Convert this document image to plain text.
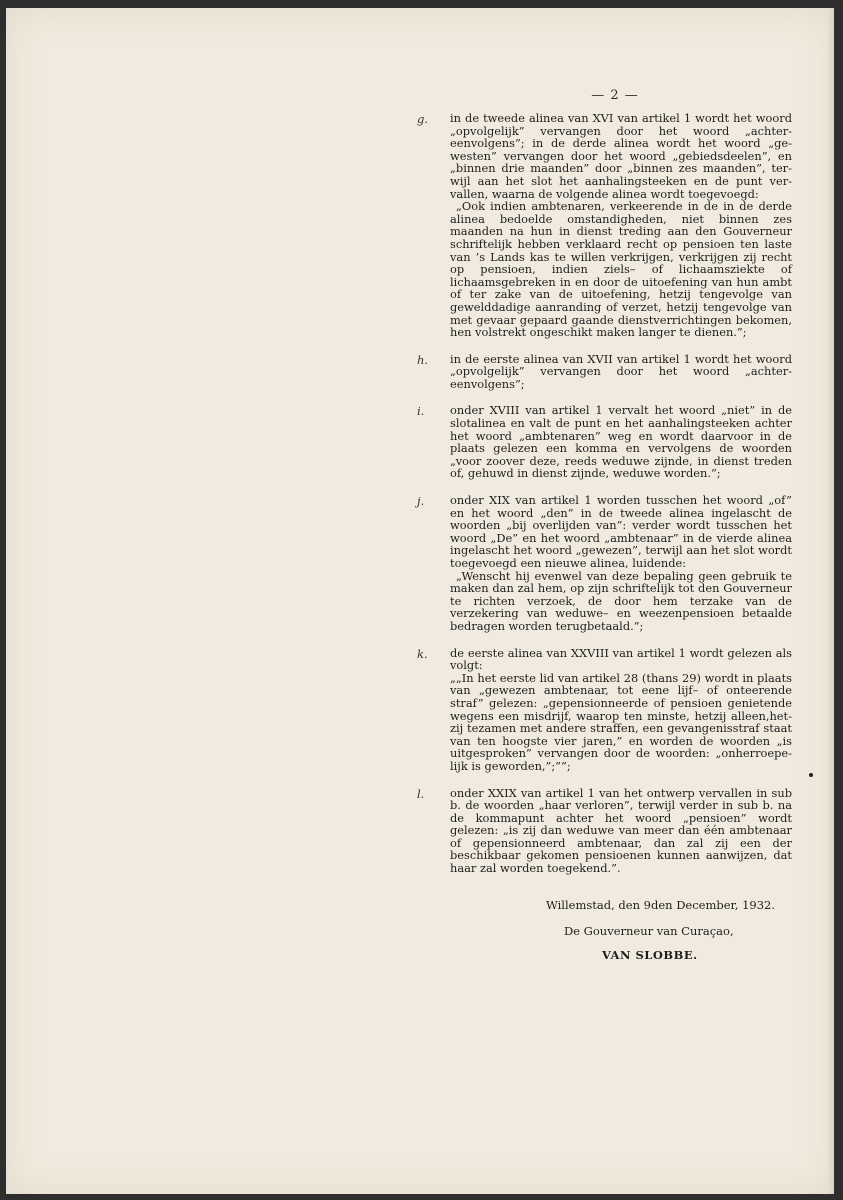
— 2 —
g. in de tweede alinea van XVI van artikel 1 wordt het woord „opvolgelijk” vervangen door het woord „achtereenvolgens”; in de derde alinea wordt het woord „gewesten” vervangen door het woord „gebiedsdeelen”, en „binnen drie maanden” door „binnen zes maanden”, terwijl aan het slot het aanhalingsteeken en de punt vervallen, waarna de volgende alinea wordt toegevoegd:

„Ook indien ambtenaren, verkeerende in de in de derde alinea bedoelde omstandigheden, niet binnen zes maanden na hun in dienst treding aan den Gouverneur schriftelijk hebben verklaard recht op pensioen ten laste van ’s Lands kas te willen verkrijgen, verkrijgen zij recht op pensioen, indien ziels– of lichaamsziekte of lichaamsgebreken in en door de uitoefening van hun ambt of ter zake van de uitoefening, hetzij tengevolge van gewelddadige aanranding of verzet, hetzij tengevolge van met gevaar gepaard gaande dienstverrichtingen bekomen, hen volstrekt ongeschikt maken langer te dienen.”;

h. in de eerste alinea van XVII van artikel 1 wordt het woord „opvolgelijk” vervangen door het woord „achtereenvolgens”;

i. onder XVIII van artikel 1 vervalt het woord „niet” in de slotalinea en valt de punt en het aanhalingsteeken achter het woord „ambtenaren” weg en wordt daarvoor in de plaats gelezen een komma en vervolgens de woorden „voor zoover deze, reeds weduwe zijnde, in dienst treden of, gehuwd in dienst zijnde, weduwe worden.”;

j. onder XIX van artikel 1 worden tusschen het woord „of” en het woord „den” in de tweede alinea ingelascht de woorden „bij overlijden van”: verder wordt tusschen het woord „De” en het woord „ambtenaar” in de vierde alinea ingelascht het woord „gewezen”, terwijl aan het slot wordt toegevoegd een nieuwe alinea, luidende:

„Wenscht hij evenwel van deze bepaling geen gebruik te maken dan zal hem, op zijn schriftelijk tot den Gouverneur te richten verzoek, de door hem terzake van de verzekering van weduwe– en weezenpensioen betaalde bedragen worden terugbetaald.”;

k. de eerste alinea van XXVIII van artikel 1 wordt gelezen als volgt:

„„In het eerste lid van artikel 28 (thans 29) wordt in plaats van „gewezen ambtenaar, tot eene lijf– of onteerende straf” gelezen: „gepensionneerde of pensioen genietende wegens een misdrijf, waarop ten minste, hetzij alleen,hetzij tezamen met andere straffen, een gevangenisstraf staat van ten hoogste vier jaren,” en worden de woorden „is uitgesproken” vervangen door de woorden: „onherroepelijk is geworden,”;””;

l. onder XXIX van artikel 1 van het ontwerp vervallen in sub b. de woorden „haar verloren”, terwijl verder in sub b. na de kommapunt achter het woord „pensioen” wordt gelezen: „is zij dan weduwe van meer dan één ambtenaar of gepensionneerd ambtenaar, dan zal zij een der beschikbaar gekomen pensioenen kunnen aanwijzen, dat haar zal worden toegekend.”.

Willemstad, den 9den December, 1932.
De Gouverneur van Curaçao,
VAN SLOBBE.
